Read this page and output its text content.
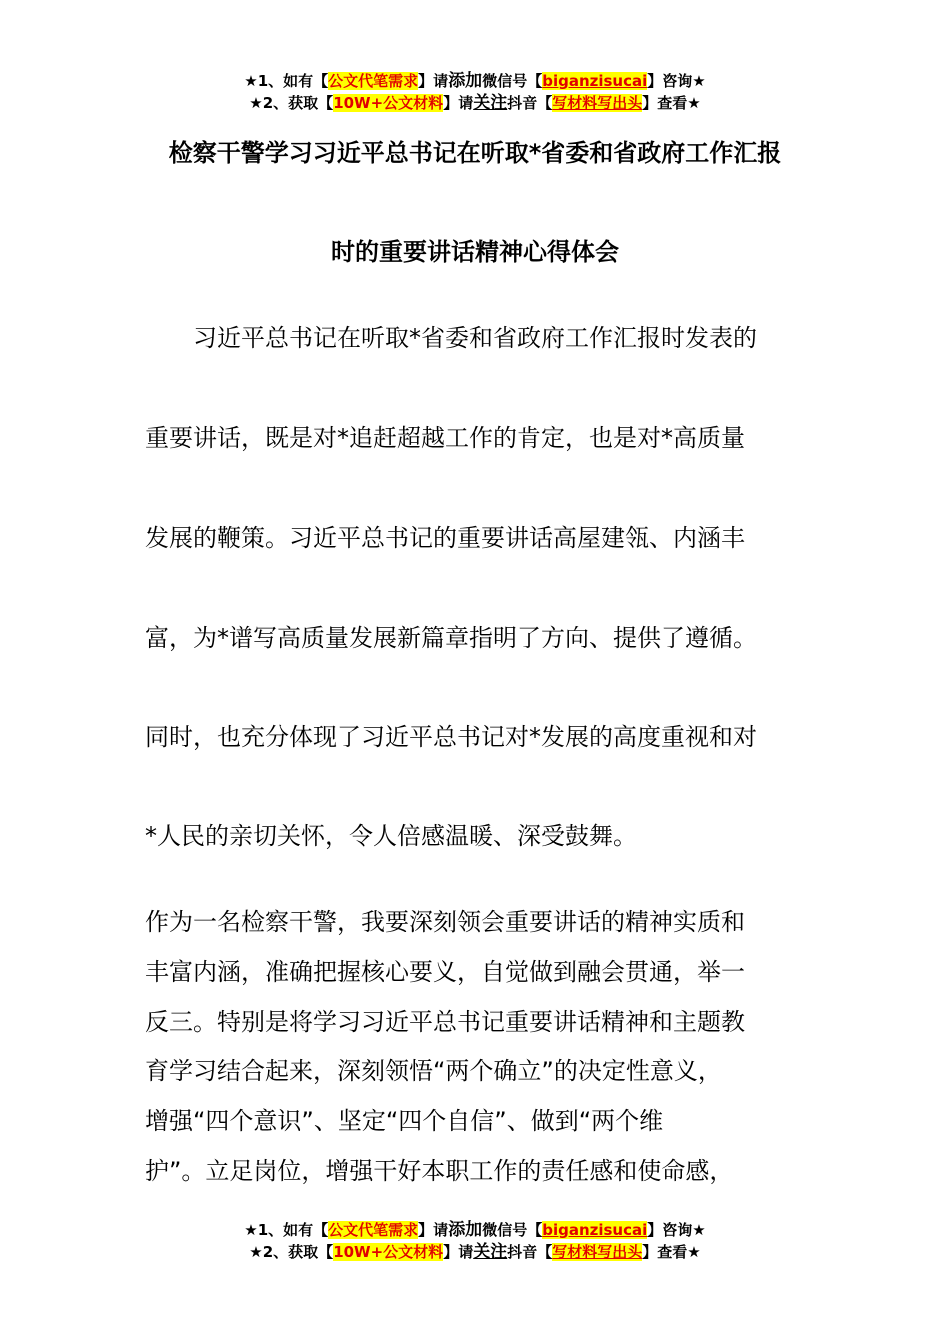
★1、如有【公文代笔需求】请添加微信号【biganzisucai】咨询★
★2、获取【10W+公文材料】请关注抖音【写材料写出头】查看★
检察干警学习习近平总书记在听取*省委和省政府工作汇报
时的重要讲话精神心得体会
　　习近平总书记在听取*省委和省政府工作汇报时发表的
重要讲话，既是对*追赶超越工作的肯定，也是对*高质量
发展的鞭策。习近平总书记的重要讲话高屋建瓴、内涵丰
富，为*谱写高质量发展新篇章指明了方向、提供了遵循。
同时，也充分体现了习近平总书记对*发展的高度重视和对
*人民的亲切关怀，令人倍感温暖、深受鼓舞。
作为一名检察干警，我要深刻领会重要讲话的精神实质和
丰富内涵，准确把握核心要义，自觉做到融会贯通，举一
反三。特别是将学习习近平总书记重要讲话精神和主题教
育学习结合起来，深刻领悟“两个确立”的决定性意义，
增强“四个意识”、坚定“四个自信”、做到“两个维
护”。立足岗位，增强干好本职工作的责任感和使命感，
★1、如有【公文代笔需求】请添加微信号【biganzisucai】咨询★
★2、获取【10W+公文材料】请关注抖音【写材料写出头】查看★
